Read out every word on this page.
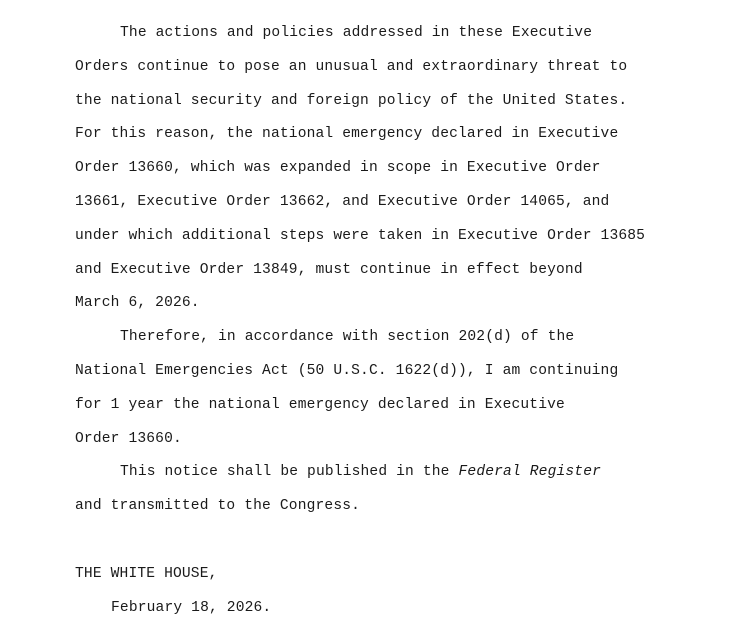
The actions and policies addressed in these Executive
Orders continue to pose an unusual and extraordinary threat to
the national security and foreign policy of the United States.
For this reason, the national emergency declared in Executive
Order 13660, which was expanded in scope in Executive Order
13661, Executive Order 13662, and Executive Order 14065, and
under which additional steps were taken in Executive Order 13685
and Executive Order 13849, must continue in effect beyond
March 6, 2026.
Therefore, in accordance with section 202(d) of the
National Emergencies Act (50 U.S.C. 1622(d)), I am continuing
for 1 year the national emergency declared in Executive
Order 13660.
This notice shall be published in the Federal Register
and transmitted to the Congress.
THE WHITE HOUSE,
February 18, 2026.
